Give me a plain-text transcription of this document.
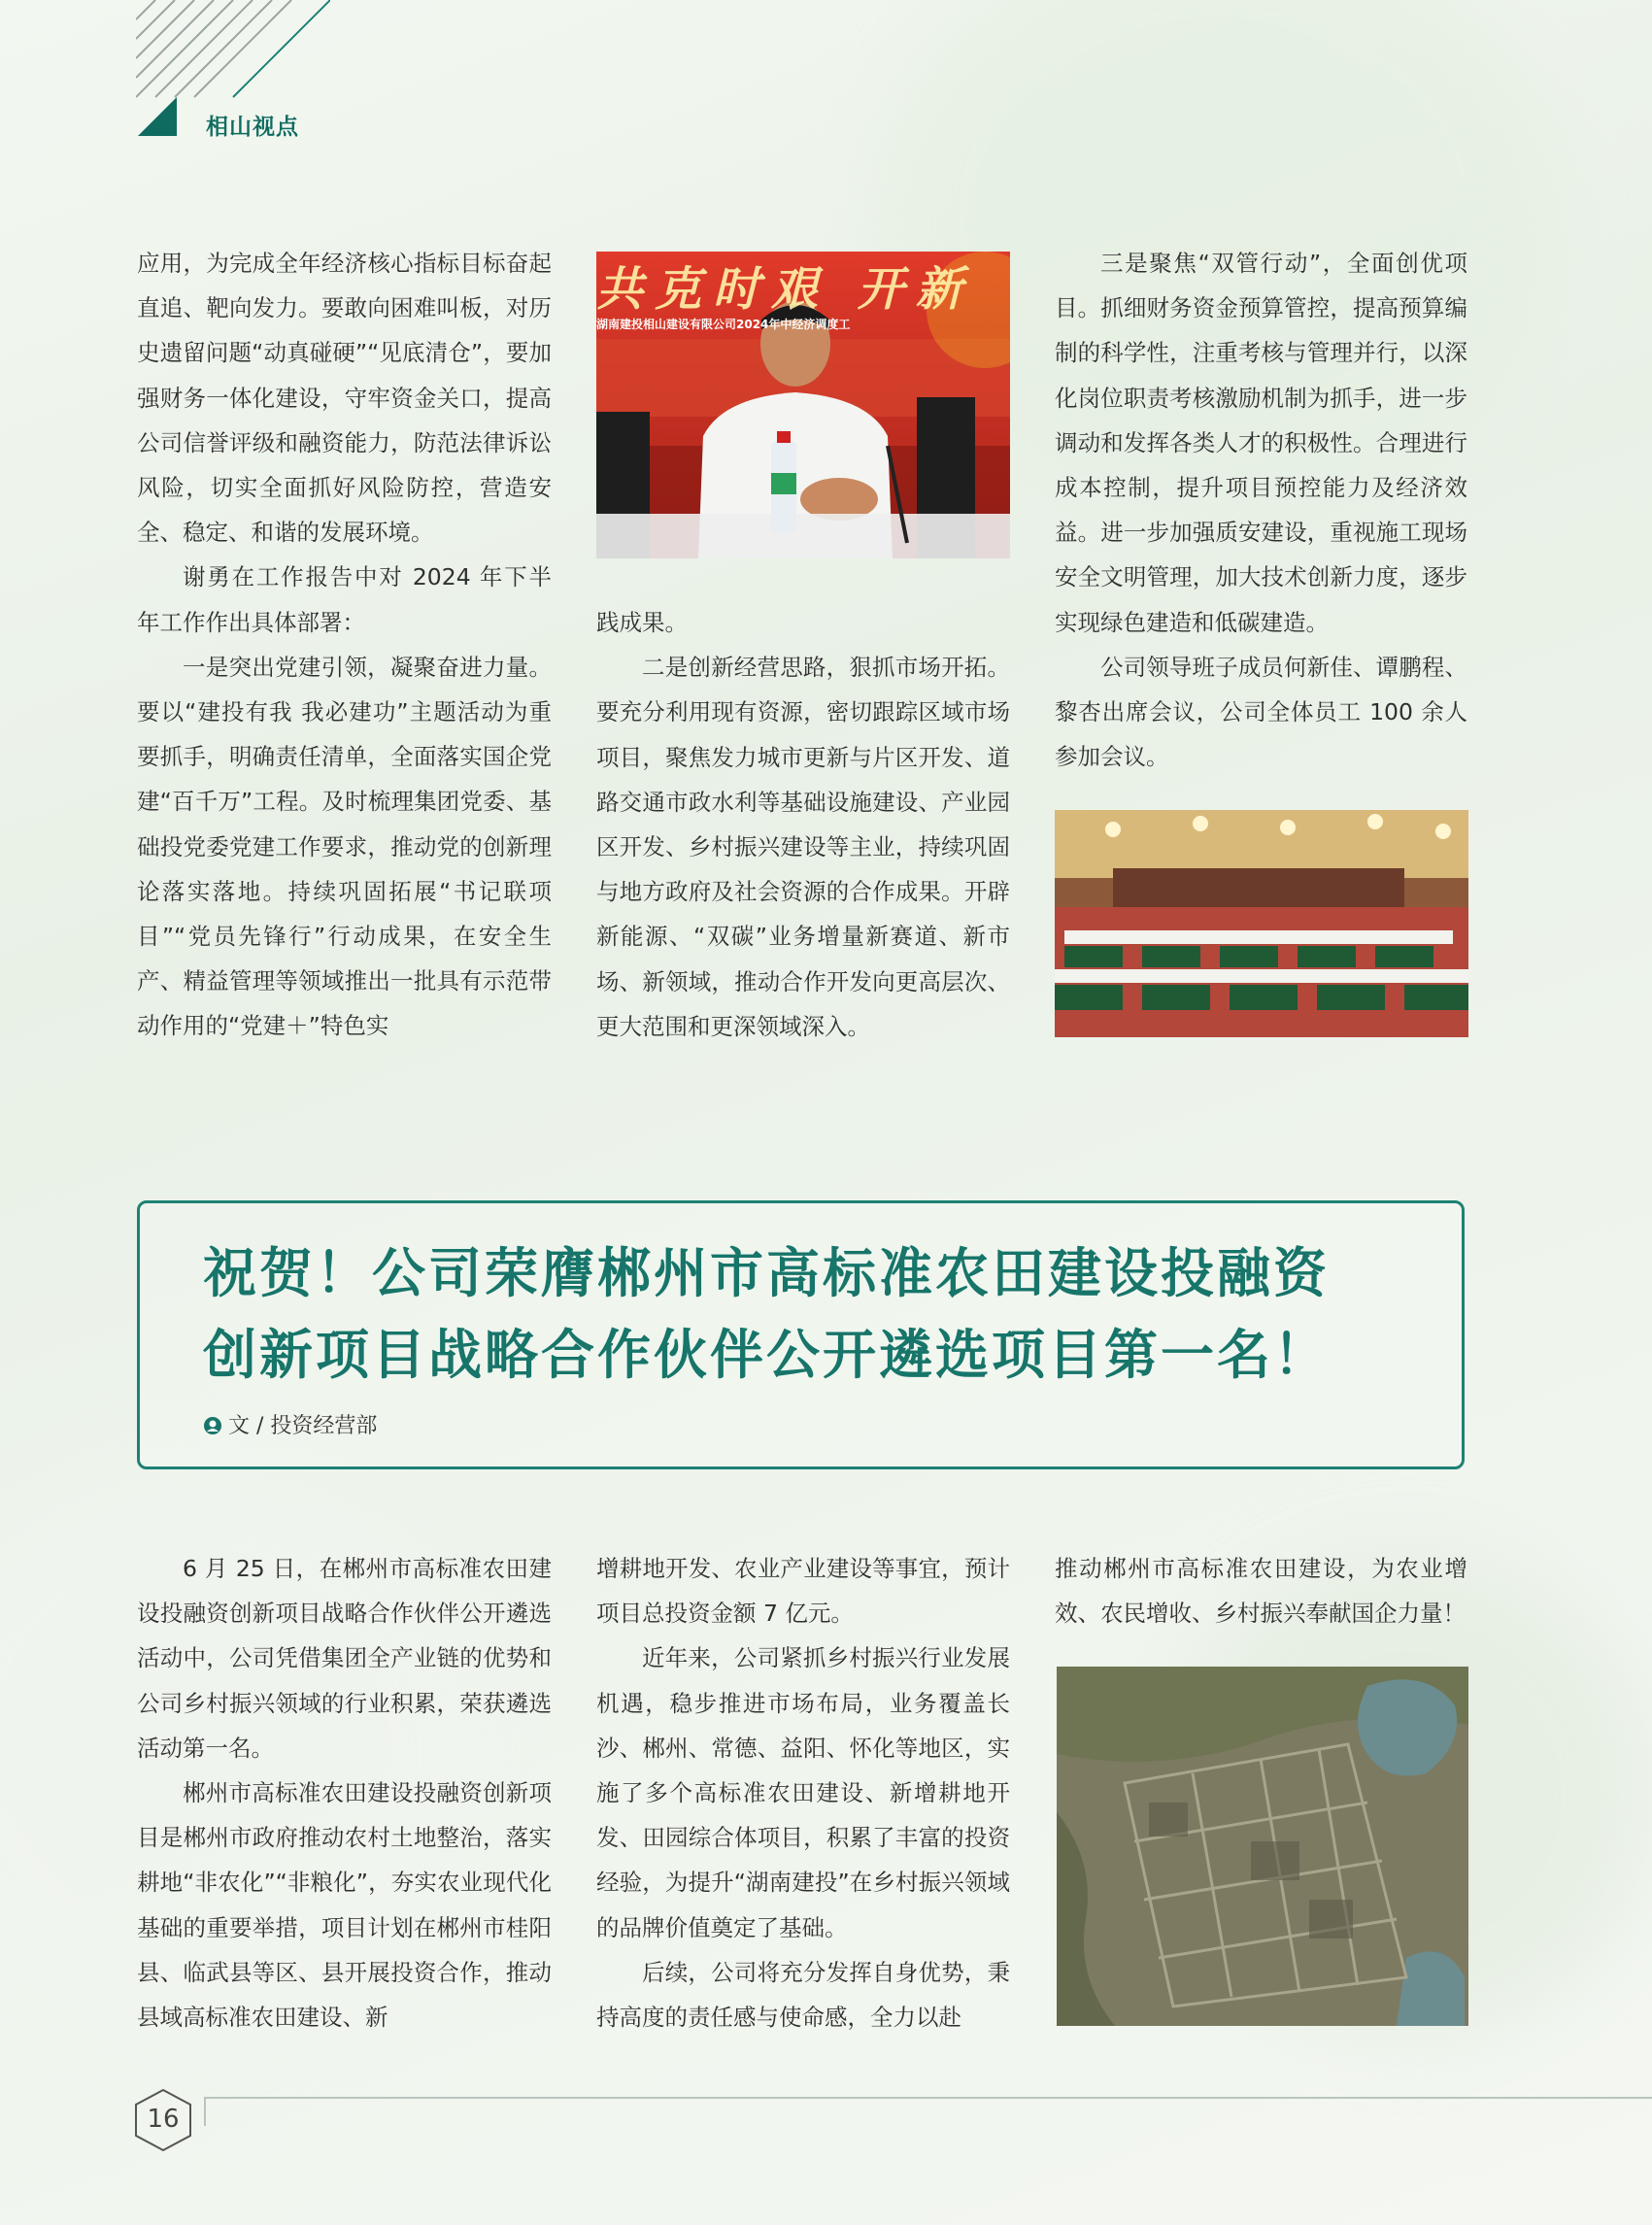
相山视点

应用，为完成全年经济核心指标目标奋起直追、靶向发力。要敢向困难叫板，对历史遗留问题“动真碰硬”“见底清仓”，要加强财务一体化建设，守牢资金关口，提高公司信誉评级和融资能力，防范法律诉讼风险，切实全面抓好风险防控，营造安全、稳定、和谐的发展环境。

谢勇在工作报告中对 2024 年下半年工作作出具体部署：

一是突出党建引领，凝聚奋进力量。要以“建投有我 我必建功”主题活动为重要抓手，明确责任清单，全面落实国企党建“百千万”工程。及时梳理集团党委、基础投党委党建工作要求，推动党的创新理论落实落地。持续巩固拓展“书记联项目”“党员先锋行”行动成果，在安全生产、精益管理等领域推出一批具有示范带动作用的“党建＋”特色实

共克时艰 开新
湖南建投相山建设有限公司2024年中经济调度工

践成果。

二是创新经营思路，狠抓市场开拓。要充分利用现有资源，密切跟踪区域市场项目，聚焦发力城市更新与片区开发、道路交通市政水利等基础设施建设、产业园区开发、乡村振兴建设等主业，持续巩固与地方政府及社会资源的合作成果。开辟新能源、“双碳”业务增量新赛道、新市场、新领域，推动合作开发向更高层次、更大范围和更深领域深入。

三是聚焦“双管行动”，全面创优项目。抓细财务资金预算管控，提高预算编制的科学性，注重考核与管理并行，以深化岗位职责考核激励机制为抓手，进一步调动和发挥各类人才的积极性。合理进行成本控制，提升项目预控能力及经济效益。进一步加强质安建设，重视施工现场安全文明管理，加大技术创新力度，逐步实现绿色建造和低碳建造。

公司领导班子成员何新佳、谭鹏程、黎杏出席会议，公司全体员工 100 余人参加会议。

祝贺！公司荣膺郴州市高标准农田建设投融资
创新项目战略合作伙伴公开遴选项目第一名！
文 / 投资经营部

6 月 25 日，在郴州市高标准农田建设投融资创新项目战略合作伙伴公开遴选活动中，公司凭借集团全产业链的优势和公司乡村振兴领域的行业积累，荣获遴选活动第一名。

郴州市高标准农田建设投融资创新项目是郴州市政府推动农村土地整治，落实耕地“非农化”“非粮化”，夯实农业现代化基础的重要举措，项目计划在郴州市桂阳县、临武县等区、县开展投资合作，推动县域高标准农田建设、新

增耕地开发、农业产业建设等事宜，预计项目总投资金额 7 亿元。

近年来，公司紧抓乡村振兴行业发展机遇，稳步推进市场布局，业务覆盖长沙、郴州、常德、益阳、怀化等地区，实施了多个高标准农田建设、新增耕地开发、田园综合体项目，积累了丰富的投资经验，为提升“湖南建投”在乡村振兴领域的品牌价值奠定了基础。

后续，公司将充分发挥自身优势，秉持高度的责任感与使命感，全力以赴

推动郴州市高标准农田建设，为农业增效、农民增收、乡村振兴奉献国企力量！

16
